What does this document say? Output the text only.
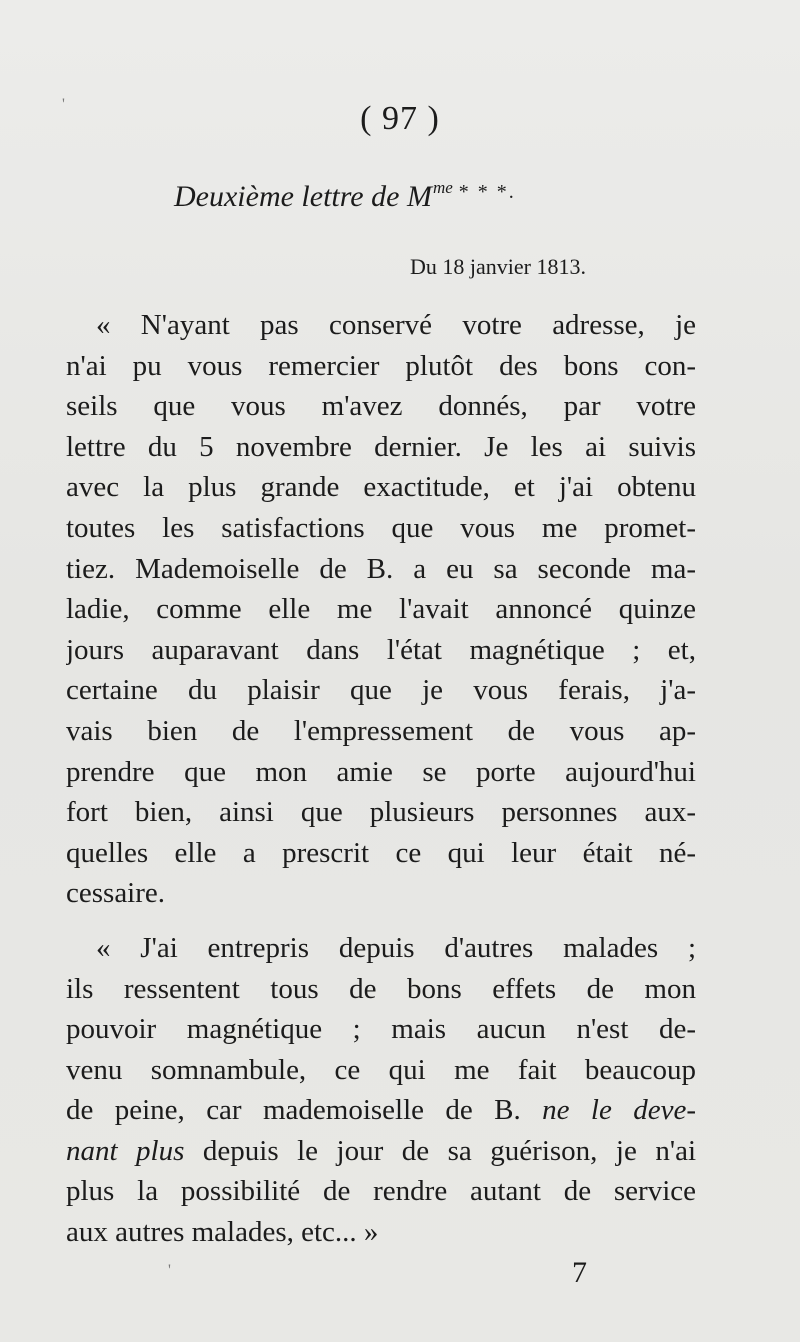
'	( 97 )
Deuxième lettre de $M^{me}$ * * *.
Du 18 janvier 1813.
« N'ayant pas conservé votre adresse, je
n'ai pu vous remercier plutôt des bons con-
seils que vous m'avez donnés, par votre
lettre du 5 novembre dernier. Je les ai suivis
avec la plus grande exactitude, et j'ai obtenu
toutes les satisfactions que vous me promet-
tiez. Mademoiselle de B. a eu sa seconde ma-
ladie, comme elle me l'avait annoncé quinze
jours auparavant dans l'état magnétique ; et,
certaine du plaisir que je vous ferais, j'a-
vais bien de l'empressement de vous ap-
prendre que mon amie se porte aujourd'hui
fort bien, ainsi que plusieurs personnes aux-
quelles elle a prescrit ce qui leur était né-
cessaire.
« J'ai entrepris depuis d'autres malades ;
ils ressentent tous de bons effets de mon
pouvoir magnétique ; mais aucun n'est de-
venu somnambule, ce qui me fait beaucoup
de peine, car mademoiselle de B. ne le deve-
nant plus depuis le jour de sa guérison, je n'ai
plus la possibilité de rendre autant de service
aux autres malades, etc... »
7
'
